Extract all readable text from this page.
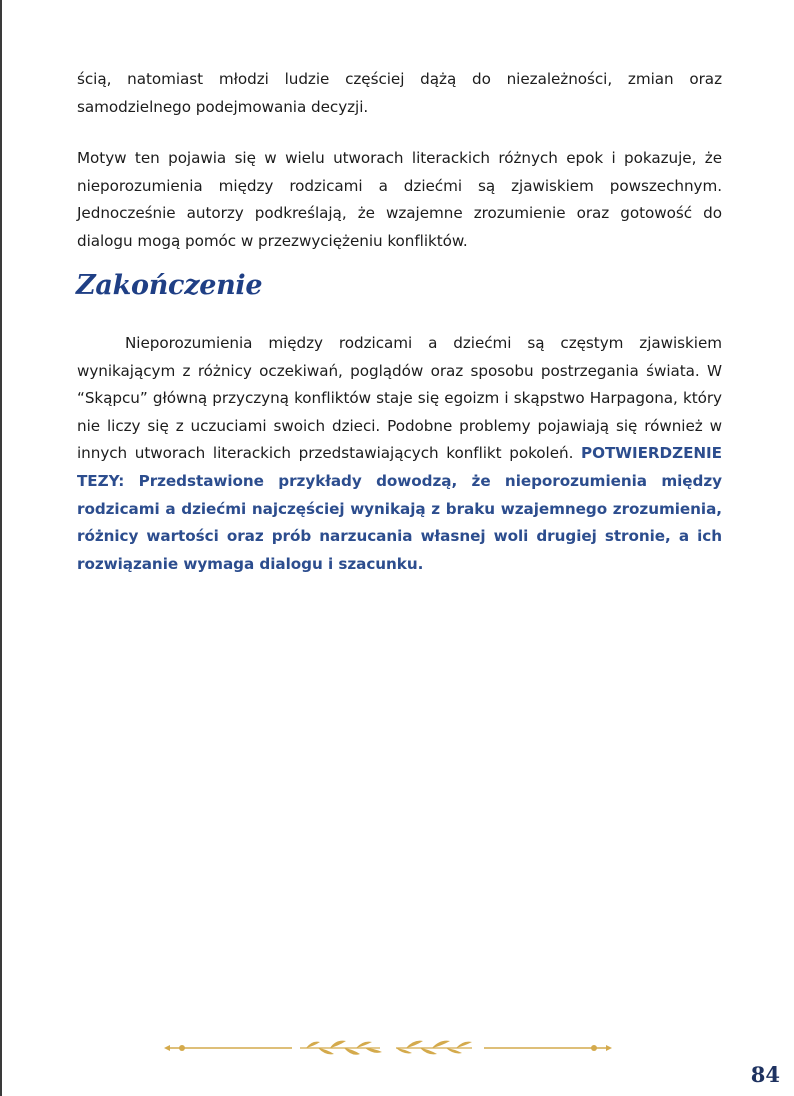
ścią, natomiast młodzi ludzie częściej dążą do niezależności, zmian oraz samodzielnego podejmowania decyzji.

Motyw ten pojawia się w wielu utworach literackich różnych epok i pokazuje, że nieporozumienia między rodzicami a dziećmi są zjawiskiem powszechnym. Jednocześnie autorzy podkreślają, że wzajemne zrozumienie oraz gotowość do dialogu mogą pomóc w przezwyciężeniu konfliktów.

Zakończenie

Nieporozumienia między rodzicami a dziećmi są częstym zjawiskiem wynikającym z różnicy oczekiwań, poglądów oraz sposobu postrzegania świata. W “Skąpcu” główną przyczyną konfliktów staje się egoizm i skąpstwo Harpagona, który nie liczy się z uczuciami swoich dzieci. Podobne problemy pojawiają się również w innych utworach literackich przedstawiających konflikt pokoleń. POTWIERDZENIE TEZY: Przedstawione przykłady dowodzą, że nieporozumienia między rodzicami a dziećmi najczęściej wynikają z braku wzajemnego zrozumienia, różnicy wartości oraz prób narzucania własnej woli drugiej stronie, a ich rozwiązanie wymaga dialogu i szacunku.

84
